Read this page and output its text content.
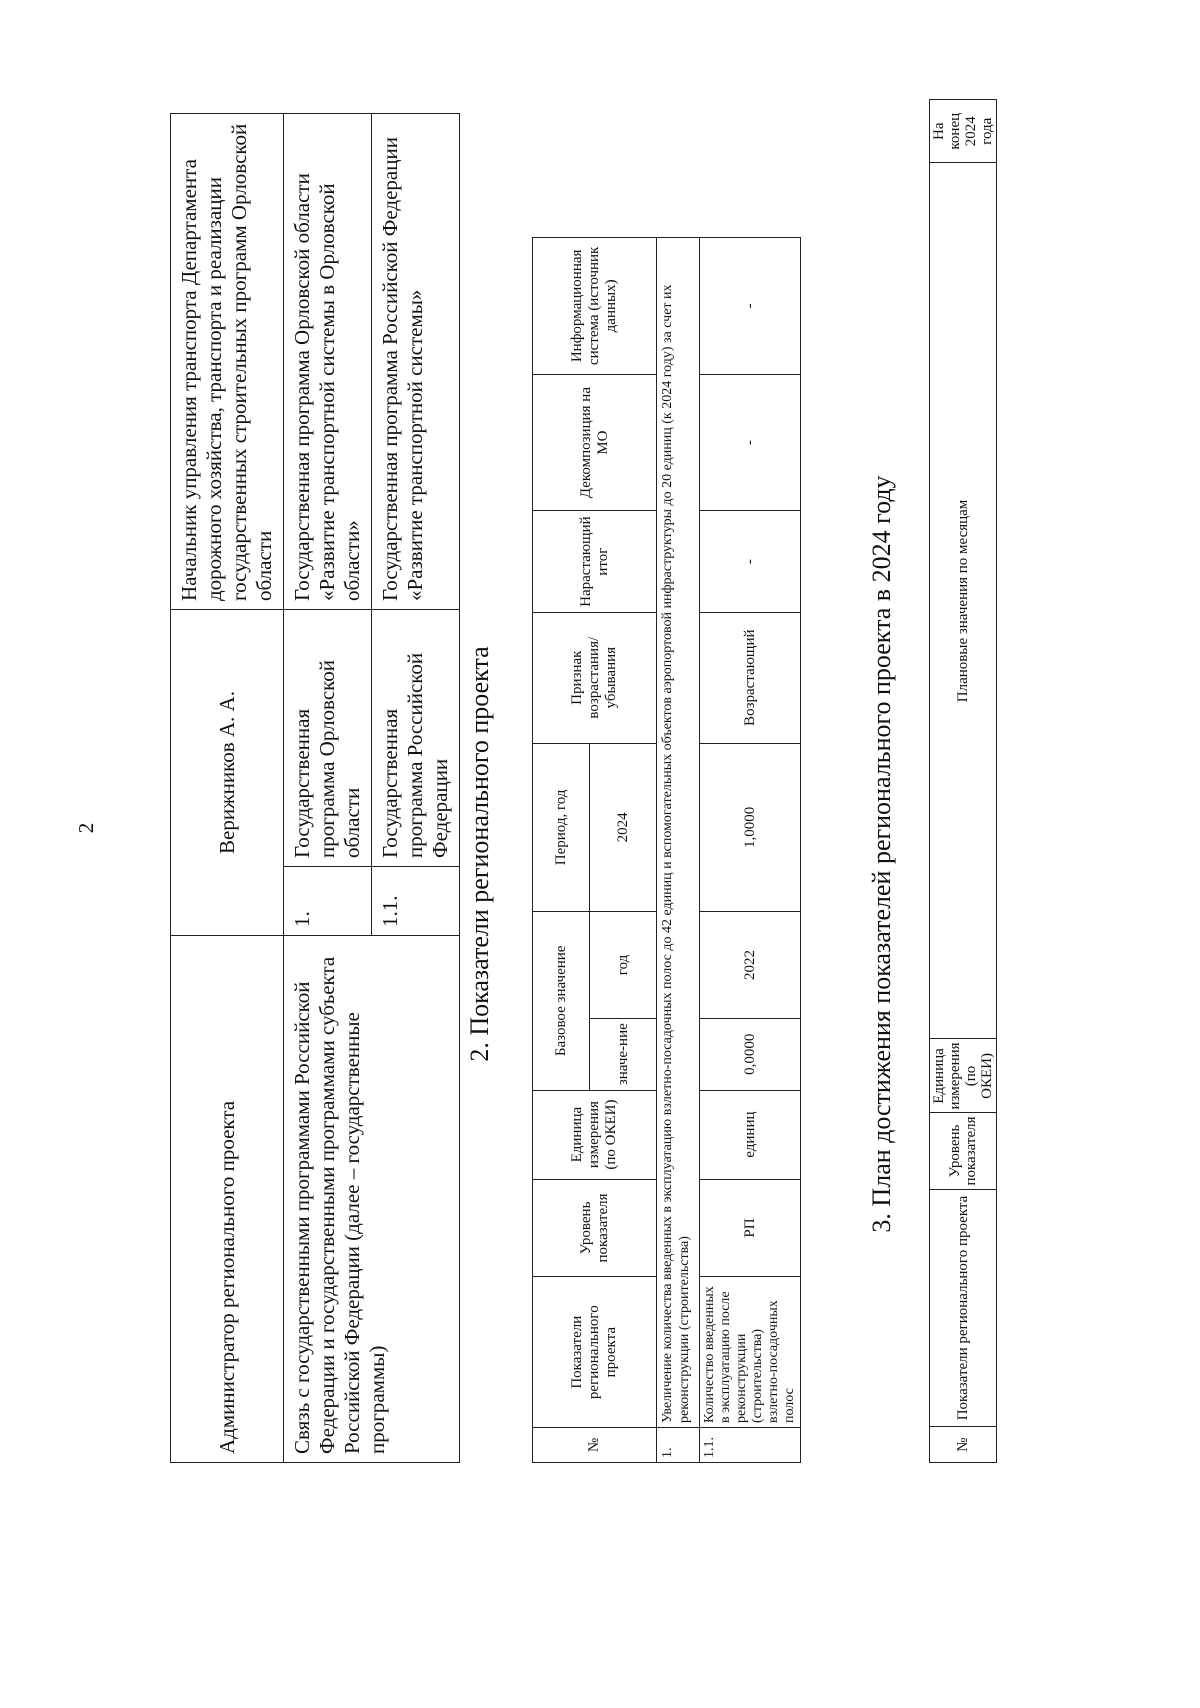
2
Администратор регионального проекта	Верижников А. А.		Начальник управления транспорта Департамента дорожного хозяйства, транспорта и реализации государственных строительных программ Орловской области
Связь с государственными программами Российской Федерации и государственными программами субъекта Российской Федерации (далее – государственные программы)	1.	Государственная программа Орловской области	Государственная программа Орловской области «Развитие транспортной системы в Орловской области»
	1.1.	Государственная программа Российской Федерации	Государственная программа Российской Федерации «Развитие транспортной системы»
2. Показатели регионального проекта
№	Показатели регионального проекта	Уровень показателя	Единица измерения (по ОКЕИ)	Базовое значение		Период, год	Признак возрастания/ убывания	Нарастающий итог	Декомпозиция на МО	Информационная система (источник данных)
				значе-ние	год	2024				
1.	Увеличение количества введенных в эксплуатацию взлетно-посадочных полос до 42 единиц и вспомогательных объектов аэропортовой инфраструктуры до 20 единиц (к 2024 году) за счет их реконструкции (строительства)									
1.1.	Количество введенных в эксплуатацию после реконструкции (строительства) взлетно-посадочных полос	РП	единиц	0,0000	2022	1,0000	Возрастающий	-	-	-
3. План достижения показателей регионального проекта в 2024 году
№	Показатели регионального проекта	Уровень показателя	Единица измерения (по ОКЕИ)	Плановые значения по месяцам	На конец 2024 года
